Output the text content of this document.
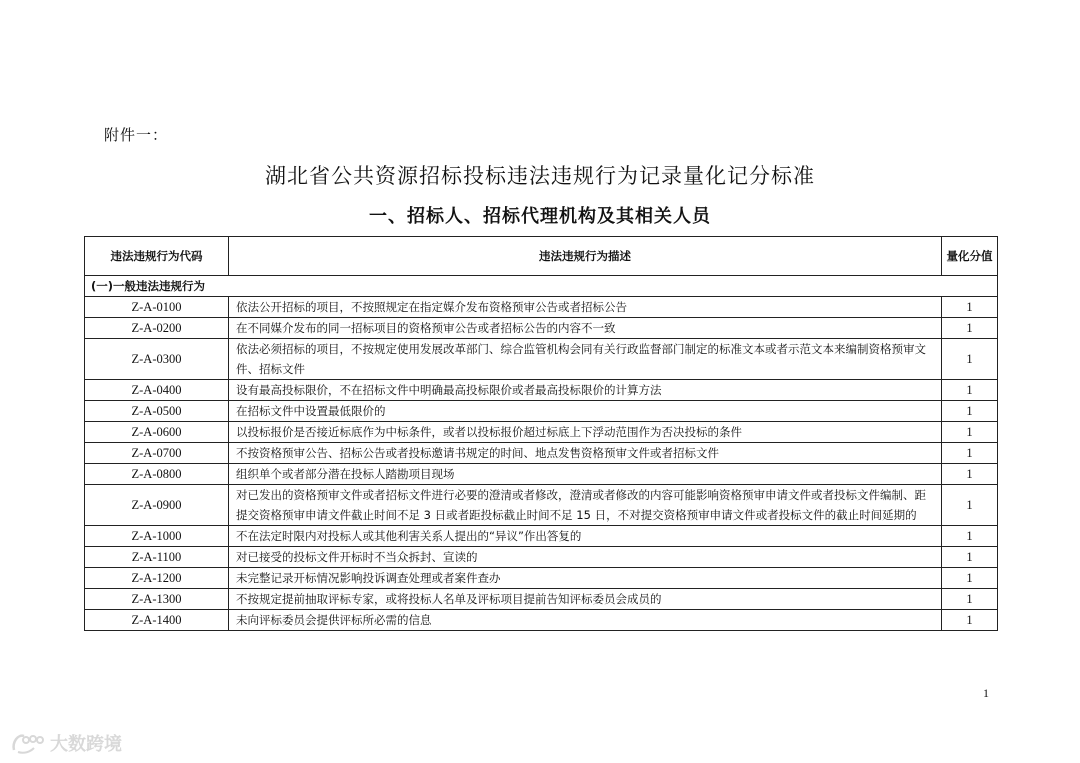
附件一：
湖北省公共资源招标投标违法违规行为记录量化记分标准
一、招标人、招标代理机构及其相关人员
违法违规行为代码	违法违规行为描述	量化分值
(一)一般违法违规行为		
Z-A-0100	依法公开招标的项目，不按照规定在指定媒介发布资格预审公告或者招标公告	1
Z-A-0200	在不同媒介发布的同一招标项目的资格预审公告或者招标公告的内容不一致	1
Z-A-0300	依法必须招标的项目，不按规定使用发展改革部门、综合监管机构会同有关行政监督部门制定的标准文本或者示范文本来编制资格预审文件、招标文件	1
Z-A-0400	设有最高投标限价，不在招标文件中明确最高投标限价或者最高投标限价的计算方法	1
Z-A-0500	在招标文件中设置最低限价的	1
Z-A-0600	以投标报价是否接近标底作为中标条件，或者以投标报价超过标底上下浮动范围作为否决投标的条件	1
Z-A-0700	不按资格预审公告、招标公告或者投标邀请书规定的时间、地点发售资格预审文件或者招标文件	1
Z-A-0800	组织单个或者部分潜在投标人踏勘项目现场	1
Z-A-0900	对已发出的资格预审文件或者招标文件进行必要的澄清或者修改，澄清或者修改的内容可能影响资格预审申请文件或者投标文件编制、距提交资格预审申请文件截止时间不足 3 日或者距投标截止时间不足 15 日，不对提交资格预审申请文件或者投标文件的截止时间延期的	1
Z-A-1000	不在法定时限内对投标人或其他利害关系人提出的“异议”作出答复的	1
Z-A-1100	对已接受的投标文件开标时不当众拆封、宣读的	1
Z-A-1200	未完整记录开标情况影响投诉调查处理或者案件查办	1
Z-A-1300	不按规定提前抽取评标专家，或将投标人名单及评标项目提前告知评标委员会成员的	1
Z-A-1400	未向评标委员会提供评标所必需的信息	1
1
大数跨境
